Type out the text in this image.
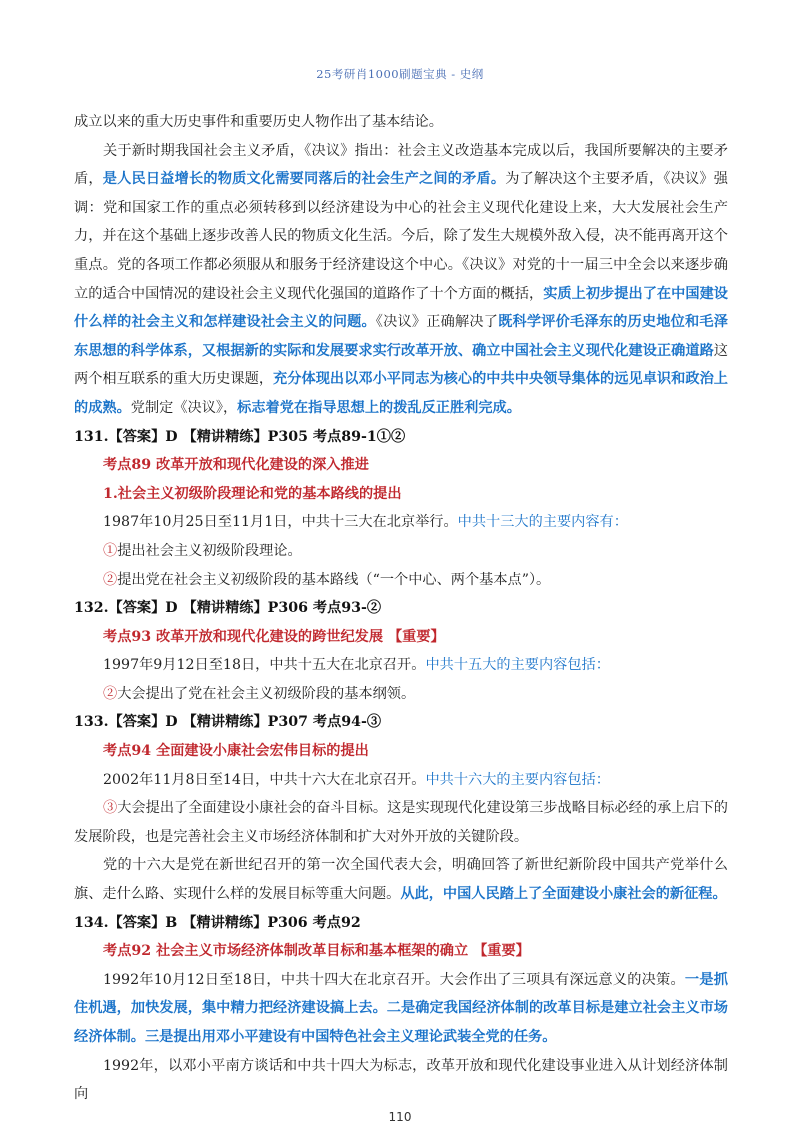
25考研肖1000刷题宝典 - 史纲

成立以来的重大历史事件和重要历史人物作出了基本结论。

关于新时期我国社会主义矛盾，《决议》指出：社会主义改造基本完成以后，我国所要解决的主要矛盾，是人民日益增长的物质文化需要同落后的社会生产之间的矛盾。为了解决这个主要矛盾，《决议》强调：党和国家工作的重点必须转移到以经济建设为中心的社会主义现代化建设上来，大大发展社会生产力，并在这个基础上逐步改善人民的物质文化生活。今后，除了发生大规模外敌入侵，决不能再离开这个重点。党的各项工作都必须服从和服务于经济建设这个中心。《决议》对党的十一届三中全会以来逐步确立的适合中国情况的建设社会主义现代化强国的道路作了十个方面的概括，实质上初步提出了在中国建设什么样的社会主义和怎样建设社会主义的问题。《决议》正确解决了既科学评价毛泽东的历史地位和毛泽东思想的科学体系，又根据新的实际和发展要求实行改革开放、确立中国社会主义现代化建设正确道路这两个相互联系的重大历史课题，充分体现出以邓小平同志为核心的中共中央领导集体的远见卓识和政治上的成熟。党制定《决议》，标志着党在指导思想上的拨乱反正胜利完成。

131.【答案】D 【精讲精练】P305 考点89-1①②

考点89 改革开放和现代化建设的深入推进

1.社会主义初级阶段理论和党的基本路线的提出

1987年10月25日至11月1日，中共十三大在北京举行。中共十三大的主要内容有：

①提出社会主义初级阶段理论。

②提出党在社会主义初级阶段的基本路线（“一个中心、两个基本点”）。

132.【答案】D 【精讲精练】P306 考点93-②

考点93 改革开放和现代化建设的跨世纪发展 【重要】

1997年9月12日至18日，中共十五大在北京召开。中共十五大的主要内容包括：

②大会提出了党在社会主义初级阶段的基本纲领。

133.【答案】D 【精讲精练】P307 考点94-③

考点94 全面建设小康社会宏伟目标的提出

2002年11月8日至14日，中共十六大在北京召开。中共十六大的主要内容包括：

③大会提出了全面建设小康社会的奋斗目标。这是实现现代化建设第三步战略目标必经的承上启下的发展阶段，也是完善社会主义市场经济体制和扩大对外开放的关键阶段。

党的十六大是党在新世纪召开的第一次全国代表大会，明确回答了新世纪新阶段中国共产党举什么旗、走什么路、实现什么样的发展目标等重大问题。从此，中国人民踏上了全面建设小康社会的新征程。

134.【答案】B 【精讲精练】P306 考点92

考点92 社会主义市场经济体制改革目标和基本框架的确立 【重要】

1992年10月12日至18日，中共十四大在北京召开。大会作出了三项具有深远意义的决策。一是抓住机遇，加快发展，集中精力把经济建设搞上去。二是确定我国经济体制的改革目标是建立社会主义市场经济体制。三是提出用邓小平建设有中国特色社会主义理论武装全党的任务。

1992年，以邓小平南方谈话和中共十四大为标志，改革开放和现代化建设事业进入从计划经济体制向

110
